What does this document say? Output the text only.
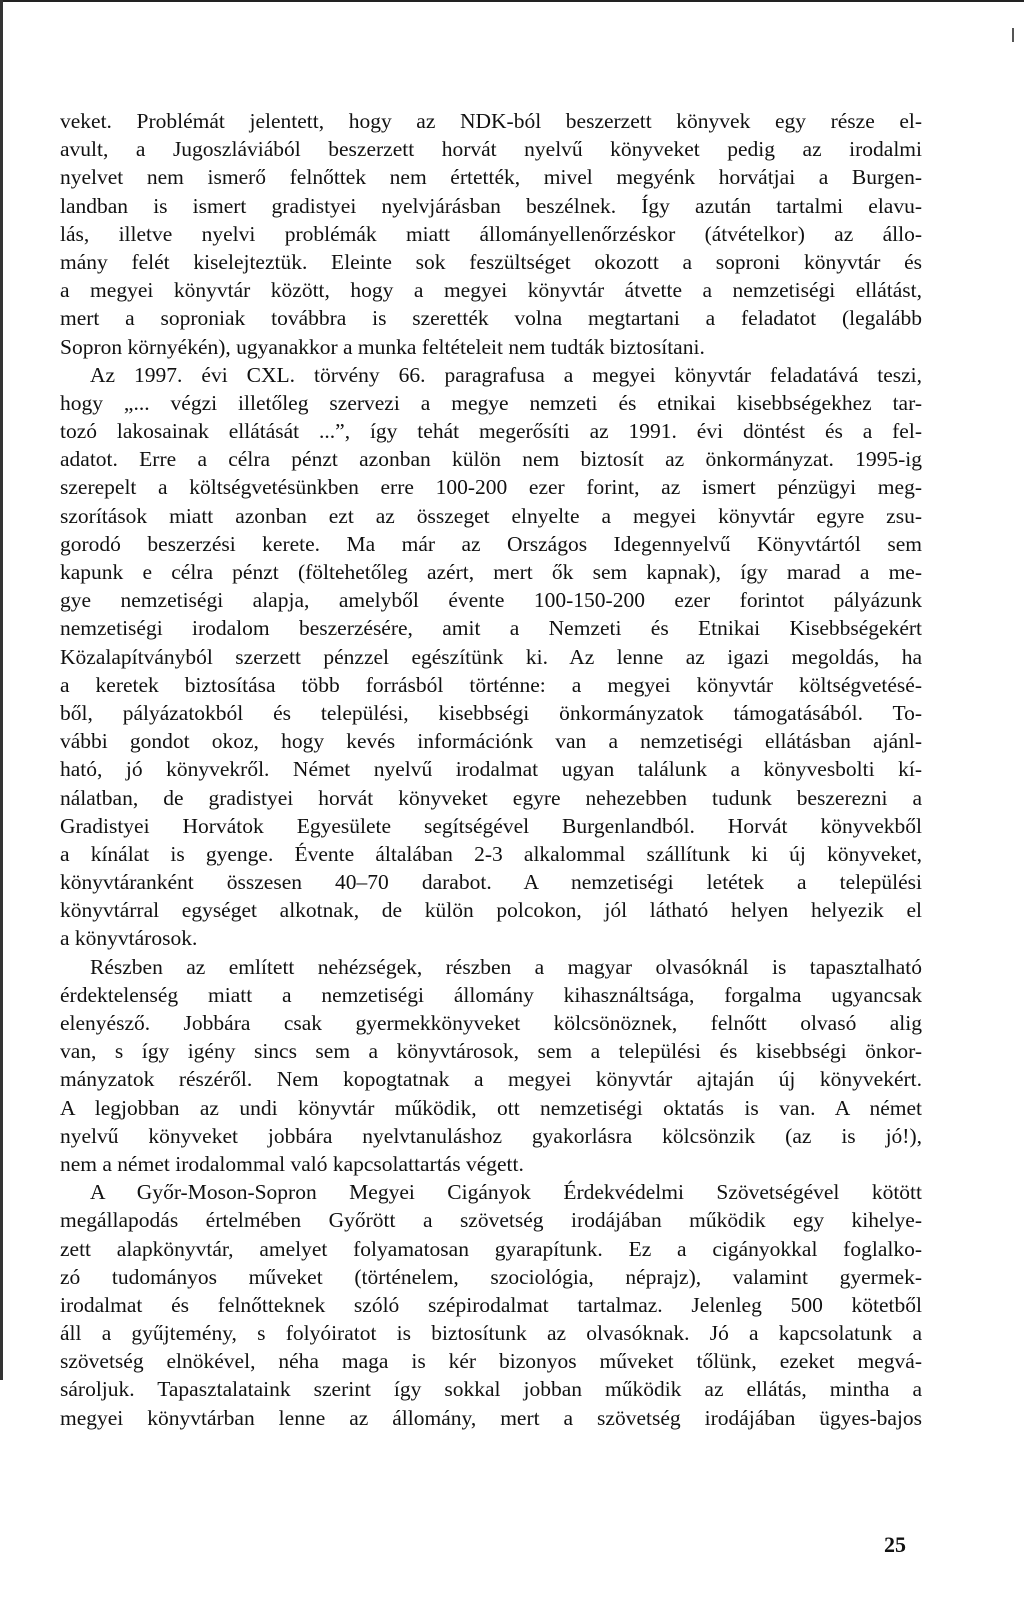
veket. Problémát jelentett, hogy az NDK-ból beszerzett könyvek egy része el-
avult, a Jugoszláviából beszerzett horvát nyelvű könyveket pedig az irodalmi
nyelvet nem ismerő felnőttek nem értették, mivel megyénk horvátjai a Burgen-
landban is ismert gradistyei nyelvjárásban beszélnek. Így azután tartalmi elavu-
lás, illetve nyelvi problémák miatt állományellenőrzéskor (átvételkor) az állo-
mány felét kiselejteztük. Eleinte sok feszültséget okozott a soproni könyvtár és
a megyei könyvtár között, hogy a megyei könyvtár átvette a nemzetiségi ellátást,
mert a soproniak továbbra is szerették volna megtartani a feladatot (legalább
Sopron környékén), ugyanakkor a munka feltételeit nem tudták biztosítani.
Az 1997. évi CXL. törvény 66. paragrafusa a megyei könyvtár feladatává teszi,
hogy „... végzi illetőleg szervezi a megye nemzeti és etnikai kisebbségekhez tar-
tozó lakosainak ellátását ...”, így tehát megerősíti az 1991. évi döntést és a fel-
adatot. Erre a célra pénzt azonban külön nem biztosít az önkormányzat. 1995-ig
szerepelt a költségvetésünkben erre 100-200 ezer forint, az ismert pénzügyi meg-
szorítások miatt azonban ezt az összeget elnyelte a megyei könyvtár egyre zsu-
gorodó beszerzési kerete. Ma már az Országos Idegennyelvű Könyvtártól sem
kapunk e célra pénzt (föltehetőleg azért, mert ők sem kapnak), így marad a me-
gye nemzetiségi alapja, amelyből évente 100-150-200 ezer forintot pályázunk
nemzetiségi irodalom beszerzésére, amit a Nemzeti és Etnikai Kisebbségekért
Közalapítványból szerzett pénzzel egészítünk ki. Az lenne az igazi megoldás, ha
a keretek biztosítása több forrásból történne: a megyei könyvtár költségvetésé-
ből, pályázatokból és települési, kisebbségi önkormányzatok támogatásából. To-
vábbi gondot okoz, hogy kevés információnk van a nemzetiségi ellátásban ajánl-
ható, jó könyvekről. Német nyelvű irodalmat ugyan találunk a könyvesbolti kí-
nálatban, de gradistyei horvát könyveket egyre nehezebben tudunk beszerezni a
Gradistyei Horvátok Egyesülete segítségével Burgenlandból. Horvát könyvekből
a kínálat is gyenge. Évente általában 2-3 alkalommal szállítunk ki új könyveket,
könyvtáranként összesen 40–70 darabot. A nemzetiségi letétek a települési
könyvtárral egységet alkotnak, de külön polcokon, jól látható helyen helyezik el
a könyvtárosok.
Részben az említett nehézségek, részben a magyar olvasóknál is tapasztalható
érdektelenség miatt a nemzetiségi állomány kihasználtsága, forgalma ugyancsak
elenyésző. Jobbára csak gyermekkönyveket kölcsönöznek, felnőtt olvasó alig
van, s így igény sincs sem a könyvtárosok, sem a települési és kisebbségi önkor-
mányzatok részéről. Nem kopogtatnak a megyei könyvtár ajtaján új könyvekért.
A legjobban az undi könyvtár működik, ott nemzetiségi oktatás is van. A német
nyelvű könyveket jobbára nyelvtanuláshoz gyakorlásra kölcsönzik (az is jó!),
nem a német irodalommal való kapcsolattartás végett.
A Győr-Moson-Sopron Megyei Cigányok Érdekvédelmi Szövetségével kötött
megállapodás értelmében Győrött a szövetség irodájában működik egy kihelye-
zett alapkönyvtár, amelyet folyamatosan gyarapítunk. Ez a cigányokkal foglalko-
zó tudományos műveket (történelem, szociológia, néprajz), valamint gyermek-
irodalmat és felnőtteknek szóló szépirodalmat tartalmaz. Jelenleg 500 kötetből
áll a gyűjtemény, s folyóiratot is biztosítunk az olvasóknak. Jó a kapcsolatunk a
szövetség elnökével, néha maga is kér bizonyos műveket tőlünk, ezeket megvá-
sároljuk. Tapasztalataink szerint így sokkal jobban működik az ellátás, mintha a
megyei könyvtárban lenne az állomány, mert a szövetség irodájában ügyes-bajos
25
